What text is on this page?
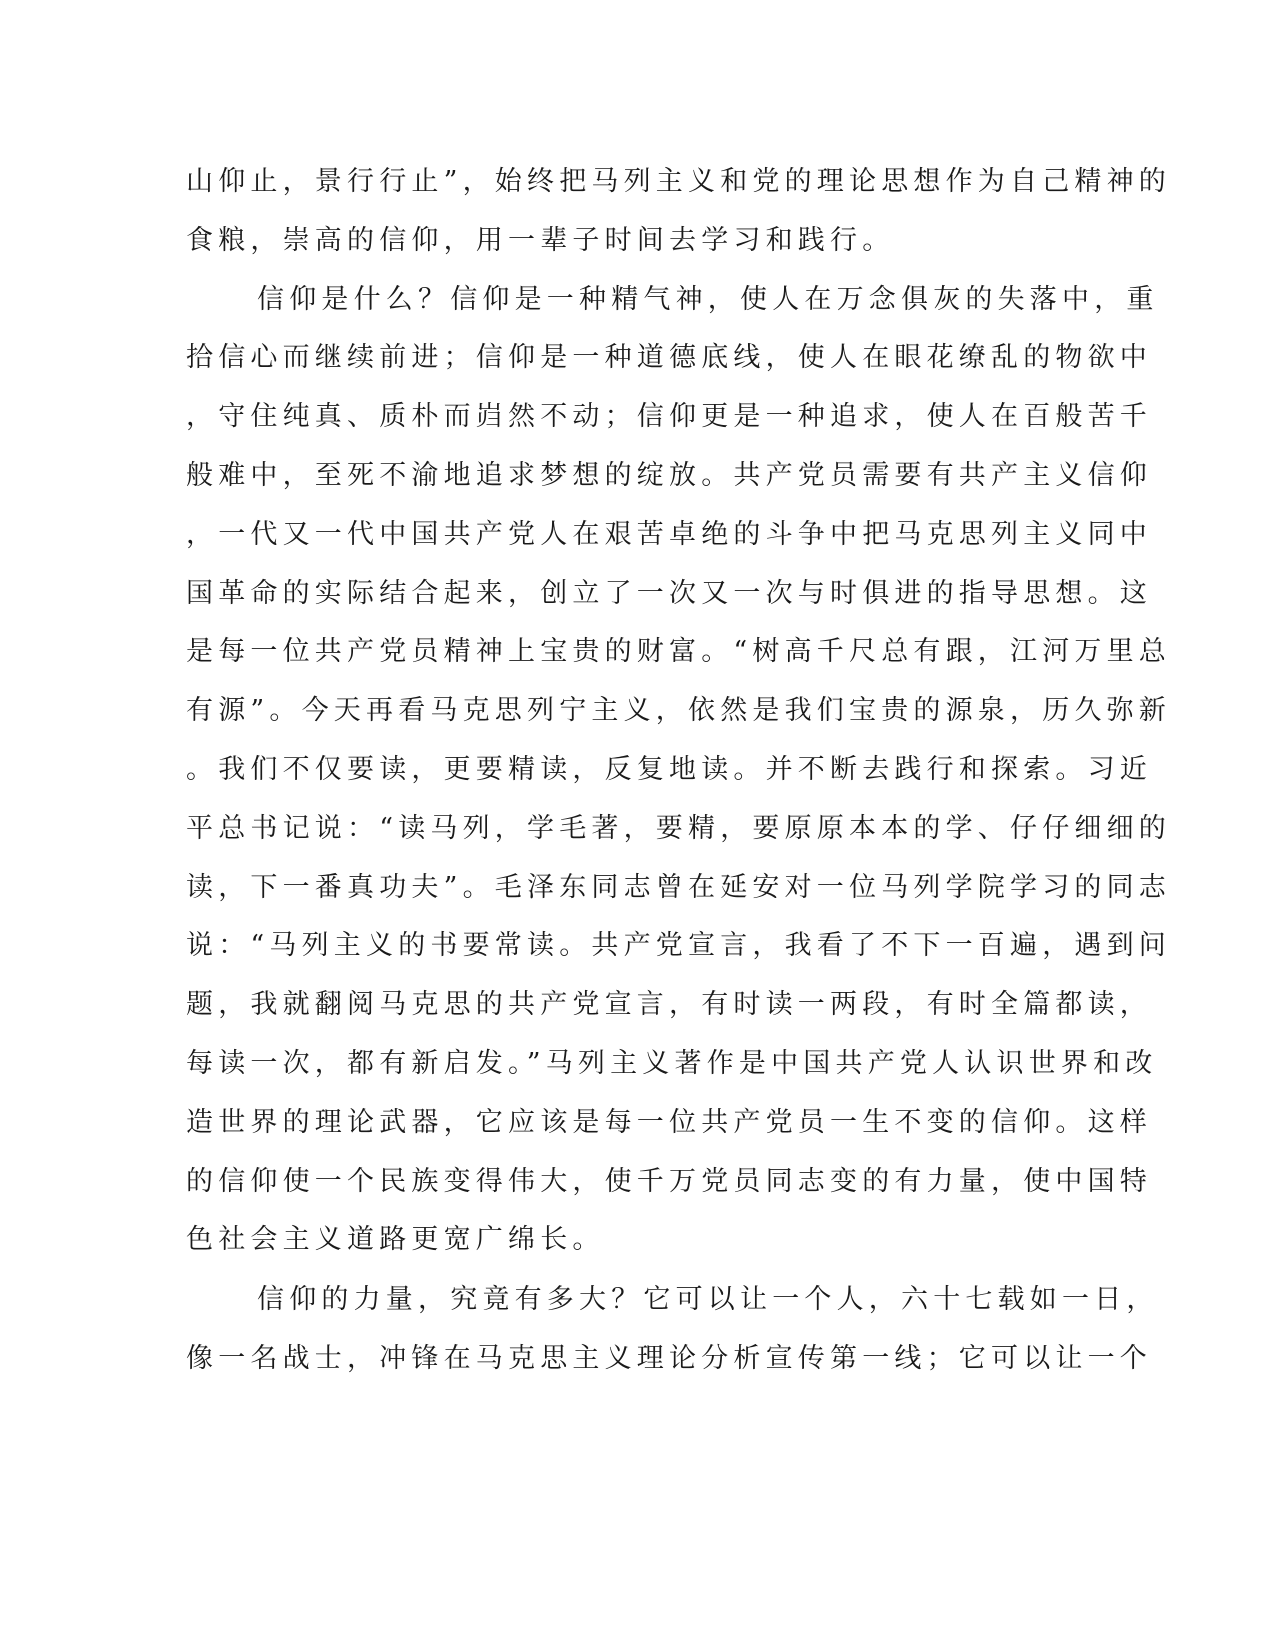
山仰止，景行行止”，始终把马列主义和党的理论思想作为自己精神的
食粮，崇高的信仰，用一辈子时间去学习和践行。
信仰是什么？信仰是一种精气神，使人在万念俱灰的失落中，重
拾信心而继续前进；信仰是一种道德底线，使人在眼花缭乱的物欲中
，守住纯真、质朴而岿然不动；信仰更是一种追求，使人在百般苦千
般难中，至死不渝地追求梦想的绽放。共产党员需要有共产主义信仰
，一代又一代中国共产党人在艰苦卓绝的斗争中把马克思列主义同中
国革命的实际结合起来，创立了一次又一次与时俱进的指导思想。这
是每一位共产党员精神上宝贵的财富。“树高千尺总有跟，江河万里总
有源”。今天再看马克思列宁主义，依然是我们宝贵的源泉，历久弥新
。我们不仅要读，更要精读，反复地读。并不断去践行和探索。习近
平总书记说：“读马列，学毛著，要精，要原原本本的学、仔仔细细的
读，下一番真功夫”。毛泽东同志曾在延安对一位马列学院学习的同志
说：“马列主义的书要常读。共产党宣言，我看了不下一百遍，遇到问
题，我就翻阅马克思的共产党宣言，有时读一两段，有时全篇都读，
每读一次，都有新启发。”马列主义著作是中国共产党人认识世界和改
造世界的理论武器，它应该是每一位共产党员一生不变的信仰。这样
的信仰使一个民族变得伟大，使千万党员同志变的有力量，使中国特
色社会主义道路更宽广绵长。
信仰的力量，究竟有多大？它可以让一个人，六十七载如一日，
像一名战士，冲锋在马克思主义理论分析宣传第一线；它可以让一个
